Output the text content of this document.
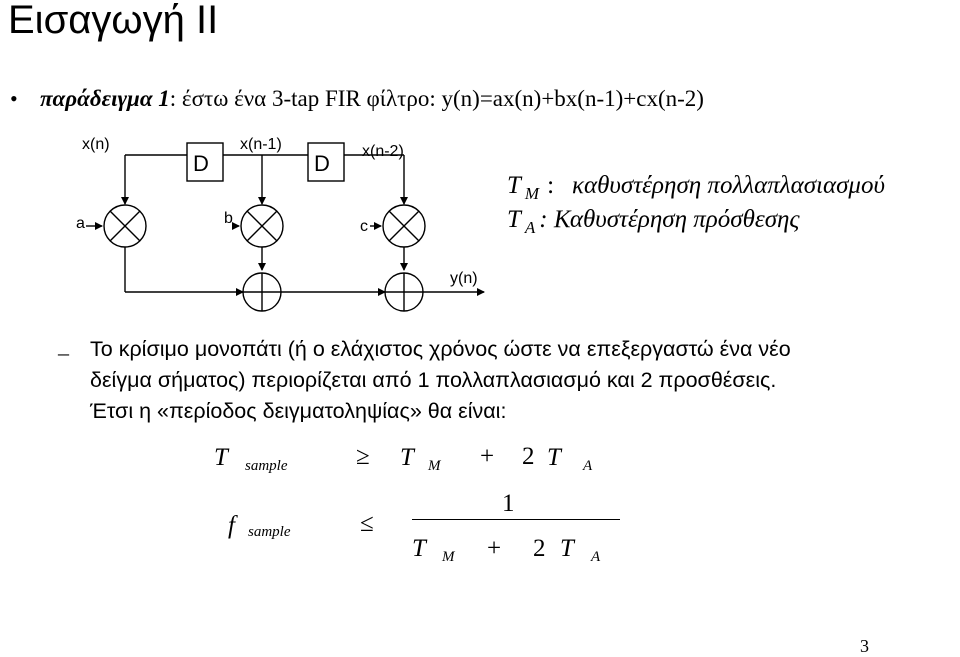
Εισαγωγή ΙΙ
• παράδειγμα 1: έστω ένα 3-tap FIR φίλτρο: y(n)=ax(n)+bx(n-1)+cx(n-2)
x(n)	x(n-1)	x(n-2)
a	b	c
y(n)
D	D
T $_M$ : καθυστέρηση πολλαπλασιασμού
T $_A$ : Καθυστέρηση πρόσθεσης
– Το κρίσιμο μονοπάτι (ή ο ελάχιστος χρόνος ώστε να επεξεργαστώ ένα νέο
δείγμα σήματος) περιορίζεται από 1 πολλαπλασιασμό και 2 προσθέσεις.
Έτσι η «περίοδος δειγματοληψίας» θα είναι:
T sample	≥ T M + 2 T A
f sample	≤
1
T M + 2 T A
3
